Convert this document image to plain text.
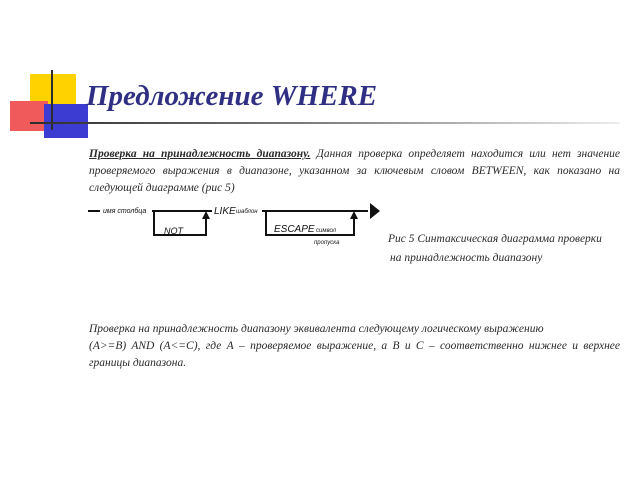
Предложение WHERE

Проверка на принадлежность диапазону. Данная проверка определяет находится или нет значение проверяемого выражения в диапазоне, указанном за ключевым словом BETWEEN, как показано на следующей диаграмме (рис 5)

имя столбца
NOT
LIKE шаблон
ESCAPE символ
пропуска	Рис 5 Синтаксическая диаграмма проверки

на принадлежность диапазону

Проверка на принадлежность диапазону эквивалента следующему логическому выражению
(A>=B) AND (A<=C), где А – проверяемое выражение, а В и С – соответственно нижнее и верхнее границы диапазона.
